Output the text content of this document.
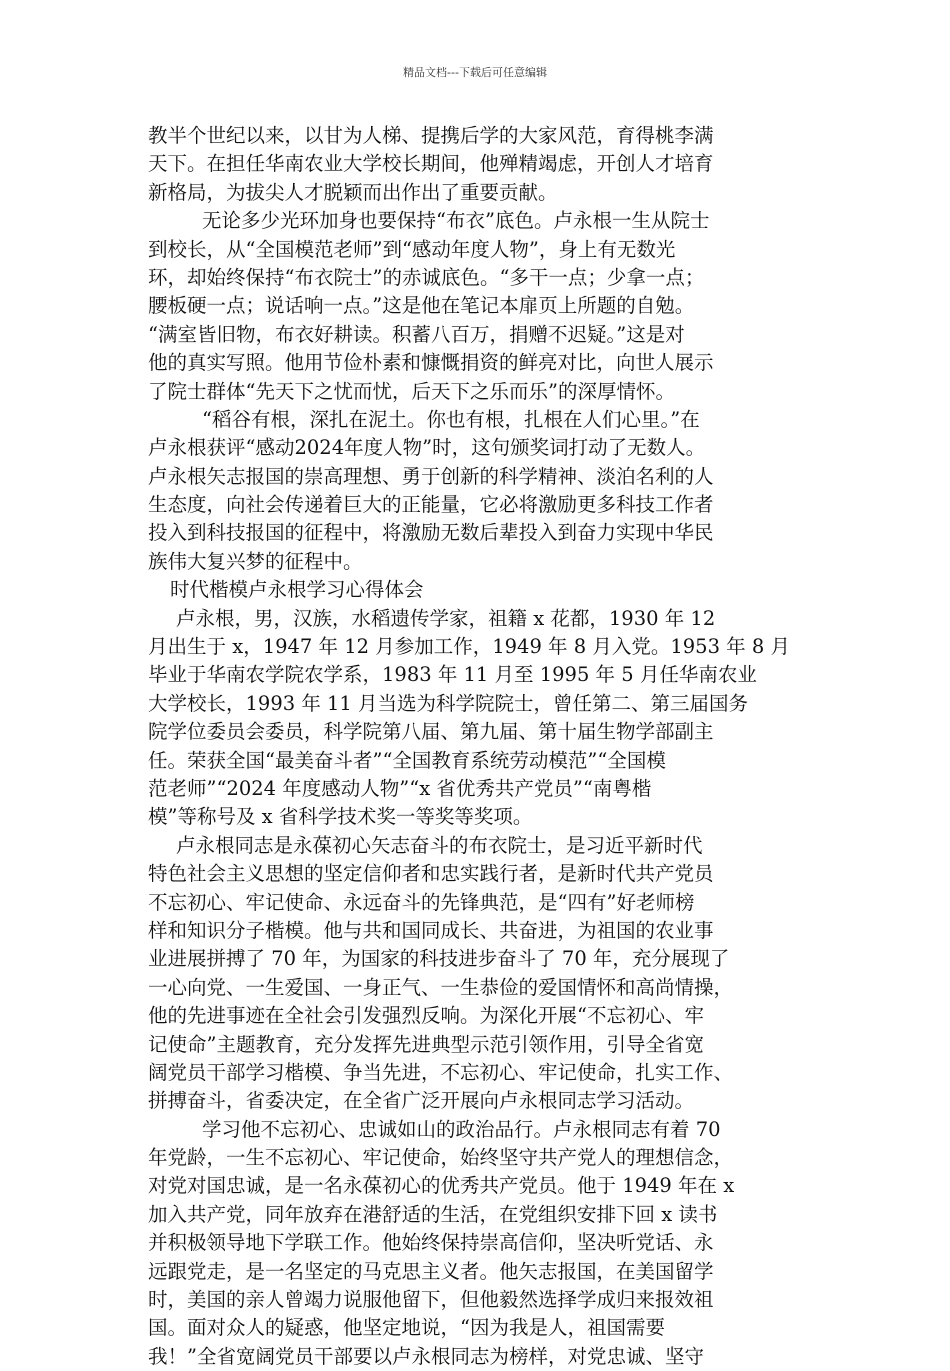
精品文档---下载后可任意编辑
教半个世纪以来，以甘为人梯、提携后学的大家风范，育得桃李满
天下。在担任华南农业大学校长期间，他殚精竭虑，开创人才培育
新格局，为拔尖人才脱颖而出作出了重要贡献。
无论多少光环加身也要保持“布衣”底色。卢永根一生从院士
到校长，从“全国模范老师”到“感动年度人物”，身上有无数光
环，却始终保持“布衣院士”的赤诚底色。“多干一点；少拿一点；
腰板硬一点；说话响一点。”这是他在笔记本扉页上所题的自勉。
“满室皆旧物，布衣好耕读。积蓄八百万，捐赠不迟疑。”这是对
他的真实写照。他用节俭朴素和慷慨捐资的鲜亮对比，向世人展示
了院士群体“先天下之忧而忧，后天下之乐而乐”的深厚情怀。
“稻谷有根，深扎在泥土。你也有根，扎根在人们心里。”在
卢永根获评“感动2024年度人物”时，这句颁奖词打动了无数人。
卢永根矢志报国的崇高理想、勇于创新的科学精神、淡泊名利的人
生态度，向社会传递着巨大的正能量，它必将激励更多科技工作者
投入到科技报国的征程中，将激励无数后辈投入到奋力实现中华民
族伟大复兴梦的征程中。
时代楷模卢永根学习心得体会
卢永根，男，汉族，水稻遗传学家，祖籍 x 花都，1930 年 12
月出生于 x，1947 年 12 月参加工作，1949 年 8 月入党。1953 年 8 月
毕业于华南农学院农学系，1983 年 11 月至 1995 年 5 月任华南农业
大学校长，1993 年 11 月当选为科学院院士，曾任第二、第三届国务
院学位委员会委员，科学院第八届、第九届、第十届生物学部副主
任。荣获全国“最美奋斗者”“全国教育系统劳动模范”“全国模
范老师”“2024 年度感动人物”“x 省优秀共产党员”“南粤楷
模”等称号及 x 省科学技术奖一等奖等奖项。
卢永根同志是永葆初心矢志奋斗的布衣院士，是习近平新时代
特色社会主义思想的坚定信仰者和忠实践行者，是新时代共产党员
不忘初心、牢记使命、永远奋斗的先锋典范，是“四有”好老师榜
样和知识分子楷模。他与共和国同成长、共奋进，为祖国的农业事
业进展拼搏了 70 年，为国家的科技进步奋斗了 70 年，充分展现了
一心向党、一生爱国、一身正气、一生恭俭的爱国情怀和高尚情操，
他的先进事迹在全社会引发强烈反响。为深化开展“不忘初心、牢
记使命”主题教育，充分发挥先进典型示范引领作用，引导全省宽
阔党员干部学习楷模、争当先进，不忘初心、牢记使命，扎实工作、
拼搏奋斗，省委决定，在全省广泛开展向卢永根同志学习活动。
学习他不忘初心、忠诚如山的政治品行。卢永根同志有着 70
年党龄，一生不忘初心、牢记使命，始终坚守共产党人的理想信念，
对党对国忠诚，是一名永葆初心的优秀共产党员。他于 1949 年在 x
加入共产党，同年放弃在港舒适的生活，在党组织安排下回 x 读书
并积极领导地下学联工作。他始终保持崇高信仰，坚决听党话、永
远跟党走，是一名坚定的马克思主义者。他矢志报国，在美国留学
时，美国的亲人曾竭力说服他留下，但他毅然选择学成归来报效祖
国。面对众人的疑惑，他坚定地说，“因为我是人，祖国需要
我！”全省宽阔党员干部要以卢永根同志为榜样，对党忠诚、坚守
